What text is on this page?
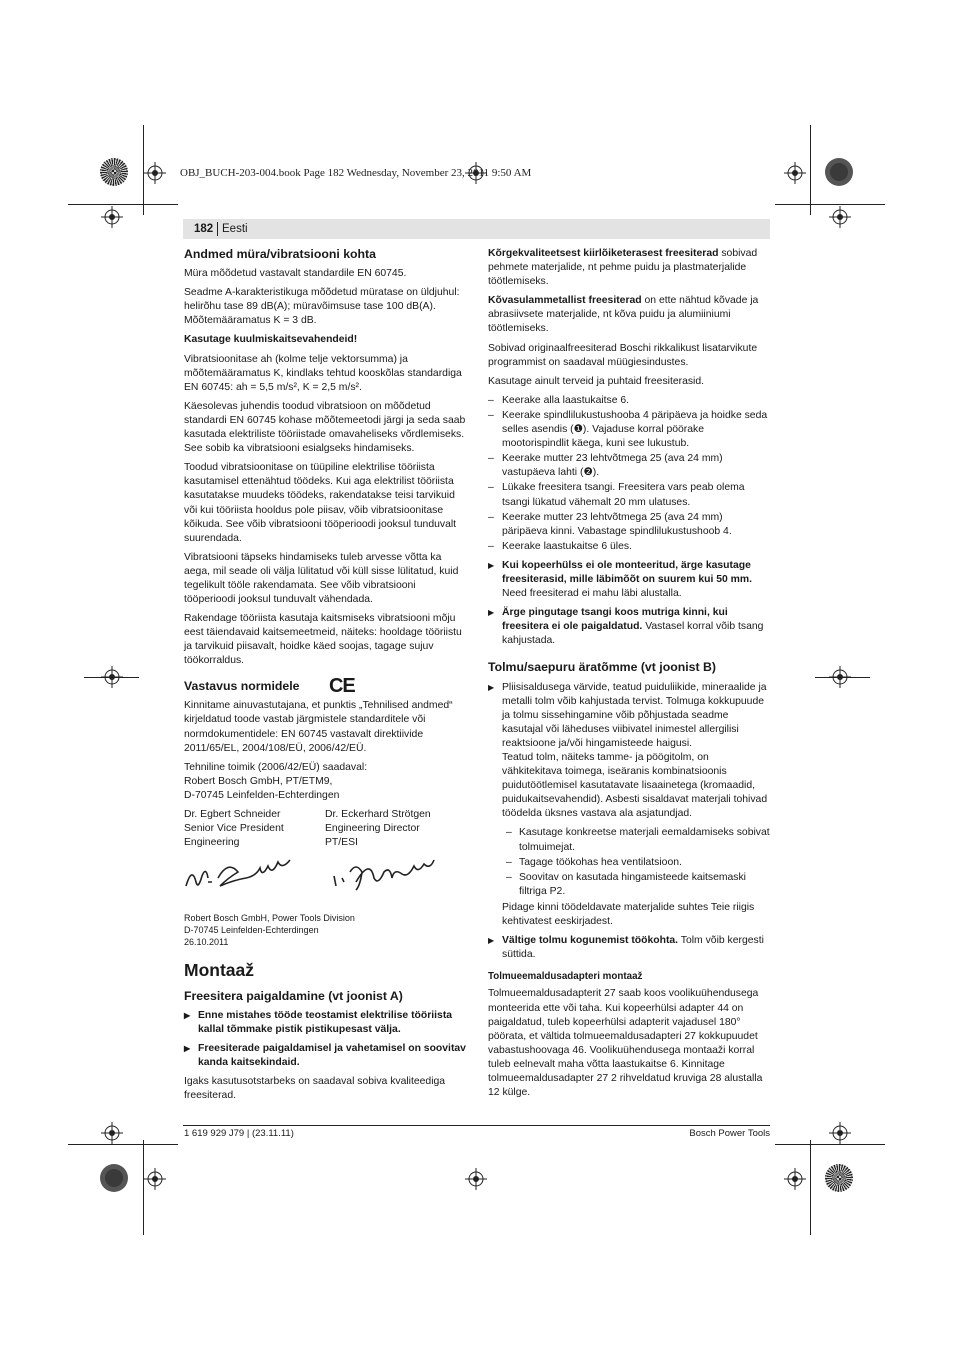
OBJ_BUCH-203-004.book Page 182 Wednesday, November 23, 2011 9:50 AM
182 Eesti
Andmed müra/vibratsiooni kohta

Müra mõõdetud vastavalt standardile EN 60745.

Seadme A-karakteristikuga mõõdetud müratase on üldjuhul: helirõhu tase 89 dB(A); müravõimsuse tase 100 dB(A). Mõõtemääramatus K = 3 dB.

Kasutage kuulmiskaitsevahendeid!

Vibratsioonitase ah (kolme telje vektorsumma) ja mõõtemääramatus K, kindlaks tehtud kooskõlas standardiga EN 60745: ah = 5,5 m/s², K = 2,5 m/s².

Käesolevas juhendis toodud vibratsioon on mõõdetud standardi EN 60745 kohase mõõtemeetodi järgi ja seda saab kasutada elektriliste tööriistade omavaheliseks võrdlemiseks. See sobib ka vibratsiooni esialgseks hindamiseks.

Toodud vibratsioonitase on tüüpiline elektrilise tööriista kasutamisel ettenähtud töödeks. Kui aga elektrilist tööriista kasutatakse muudeks töödeks, rakendatakse teisi tarvikuid või kui tööriista hooldus pole piisav, võib vibratsioonitase kõikuda. See võib vibratsiooni tööperioodi jooksul tunduvalt suurendada.

Vibratsiooni täpseks hindamiseks tuleb arvesse võtta ka aega, mil seade oli välja lülitatud või küll sisse lülitatud, kuid tegelikult tööle rakendamata. See võib vibratsiooni tööperioodi jooksul tunduvalt vähendada.

Rakendage tööriista kasutaja kaitsmiseks vibratsiooni mõju eest täiendavaid kaitsemeetmeid, näiteks: hooldage tööriistu ja tarvikuid piisavalt, hoidke käed soojas, tagage sujuv töökorraldus.

Vastavus normidele CE

Kinnitame ainuvastutajana, et punktis „Tehnilised andmed“ kirjeldatud toode vastab järgmistele standarditele või normdokumentidele: EN 60745 vastavalt direktiivide 2011/65/EL, 2004/108/EÜ, 2006/42/EÜ.

Tehniline toimik (2006/42/EÜ) saadaval:

Robert Bosch GmbH, PT/ETM9,

D-70745 Leinfelden-Echterdingen

Dr. Egbert Schneider
Senior Vice President
Engineering
Dr. Eckerhard Strötgen
Engineering Director
PT/ESI
Robert Bosch GmbH, Power Tools Division
D-70745 Leinfelden-Echterdingen
26.10.2011
Montaaž
Freesitera paigaldamine (vt joonist A)

▶ Enne mistahes tööde teostamist elektrilise tööriista kallal tõmmake pistik pistikupesast välja.

▶ Freesiterade paigaldamisel ja vahetamisel on soovitav kanda kaitsekindaid.

Igaks kasutusotstarbeks on saadaval sobiva kvaliteediga freesiterad.

Kõrgekvaliteetsest kiirlõiketerasest freesiterad sobivad pehmete materjalide, nt pehme puidu ja plastmaterjalide töötlemiseks.

Kõvasulammetallist freesiterad on ette nähtud kõvade ja abrasiivsete materjalide, nt kõva puidu ja alumiiniumi töötlemiseks.

Sobivad originaalfreesiterad Boschi rikkalikust lisatarvikute programmist on saadaval müügiesindustes.

Kasutage ainult terveid ja puhtaid freesiterasid.

– Keerake alla laastukaitse 6.
– Keerake spindlilukustushooba 4 päripäeva ja hoidke seda selles asendis (❶). Vajaduse korral pöörake mootorispindlit käega, kuni see lukustub.
– Keerake mutter 23 lehtvõtmega 25 (ava 24 mm) vastupäeva lahti (❷).
– Lükake freesitera tsangi. Freesitera vars peab olema tsangi lükatud vähemalt 20 mm ulatuses.
– Keerake mutter 23 lehtvõtmega 25 (ava 24 mm) päripäeva kinni. Vabastage spindlilukustushoob 4.
– Keerake laastukaitse 6 üles.

▶ Kui kopeerhülss ei ole monteeritud, ärge kasutage freesiterasid, mille läbimõõt on suurem kui 50 mm. Need freesiterad ei mahu läbi alustalla.

▶ Ärge pingutage tsangi koos mutriga kinni, kui freesitera ei ole paigaldatud. Vastasel korral võib tsang kahjustada.

Tolmu/saepuru äratõmme (vt joonist B)

▶ Pliisisaldusega värvide, teatud puiduliikide, mineraalide ja metalli tolm võib kahjustada tervist. Tolmuga kokkupuude ja tolmu sissehingamine võib põhjustada seadme kasutajal või läheduses viibivatel inimestel allergilisi reaktsioone ja/või hingamisteede haigusi.

Teatud tolm, näiteks tamme- ja pöögitolm, on vähkitekitava toimega, iseäranis kombinatsioonis puidutöötlemisel kasutatavate lisaainetega (kromaadid, puidukaitsevahendid). Asbesti sisaldavat materjali tohivad töödelda üksnes vastava ala asjatundjad.

– Kasutage konkreetse materjali eemaldamiseks sobivat tolmuimejat.
– Tagage töökohas hea ventilatsioon.
– Soovitav on kasutada hingamisteede kaitsemaski filtriga P2.

Pidage kinni töödeldavate materjalide suhtes Teie riigis kehtivatest eeskirjadest.

▶ Vältige tolmu kogunemist töökohta. Tolm võib kergesti süttida.

Tolmueemaldusadapteri montaaž

Tolmueemaldusadapterit 27 saab koos voolikuühendusega monteerida ette või taha. Kui kopeerhülsi adapter 44 on paigaldatud, tuleb kopeerhülsi adapterit vajadusel 180° pöörata, et vältida tolmueemaldusadapteri 27 kokkupuudet vabastushoovaga 46. Voolikuühendusega montaaži korral tuleb eelnevalt maha võtta laastukaitse 6. Kinnitage tolmueemaldusadapter 27 2 rihveldatud kruviga 28 alustalla 12 külge.

1 619 929 J79 | (23.11.11)	Bosch Power Tools
